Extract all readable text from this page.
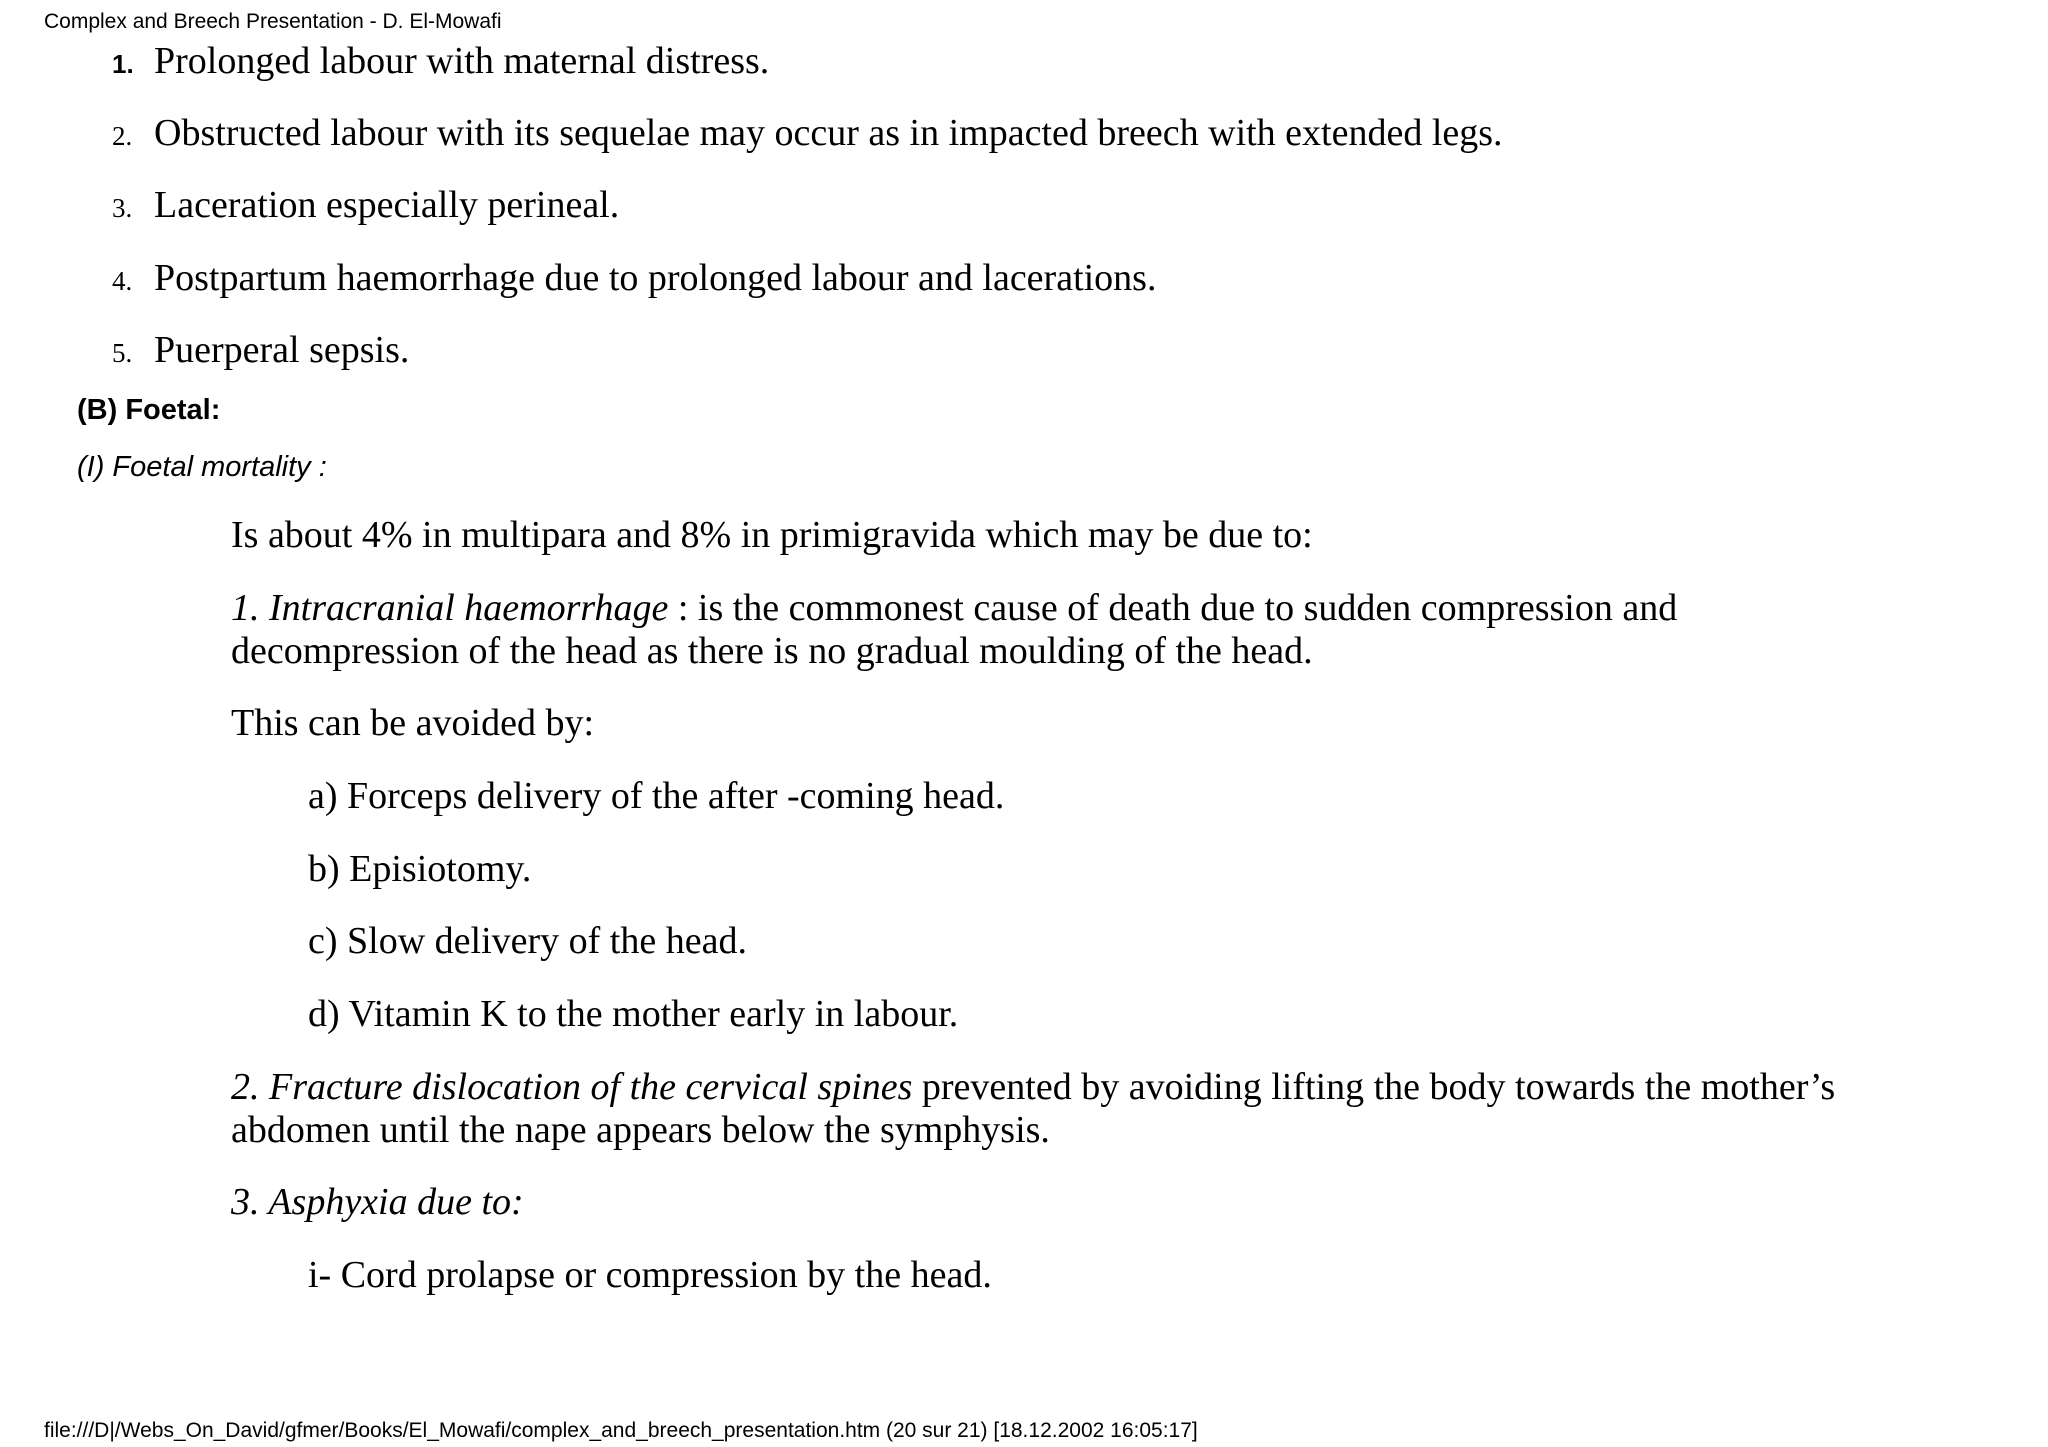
Complex and Breech Presentation - D. El-Mowafi
1. Prolonged labour with maternal distress.
2. Obstructed labour with its sequelae may occur as in impacted breech with extended legs.
3. Laceration especially perineal.
4. Postpartum haemorrhage due to prolonged labour and lacerations.
5. Puerperal sepsis.
(B) Foetal:
(I) Foetal mortality :
Is about 4% in multipara and 8% in primigravida which may be due to:
1. Intracranial haemorrhage : is the commonest cause of death due to sudden compression and
decompression of the head as there is no gradual moulding of the head.
This can be avoided by:
a) Forceps delivery of the after -coming head.
b) Episiotomy.
c) Slow delivery of the head.
d) Vitamin K to the mother early in labour.
2. Fracture dislocation of the cervical spines prevented by avoiding lifting the body towards the mother’s
abdomen until the nape appears below the symphysis.
3. Asphyxia due to:
i- Cord prolapse or compression by the head.
file:///D|/Webs_On_David/gfmer/Books/El_Mowafi/complex_and_breech_presentation.htm (20 sur 21) [18.12.2002 16:05:17]
